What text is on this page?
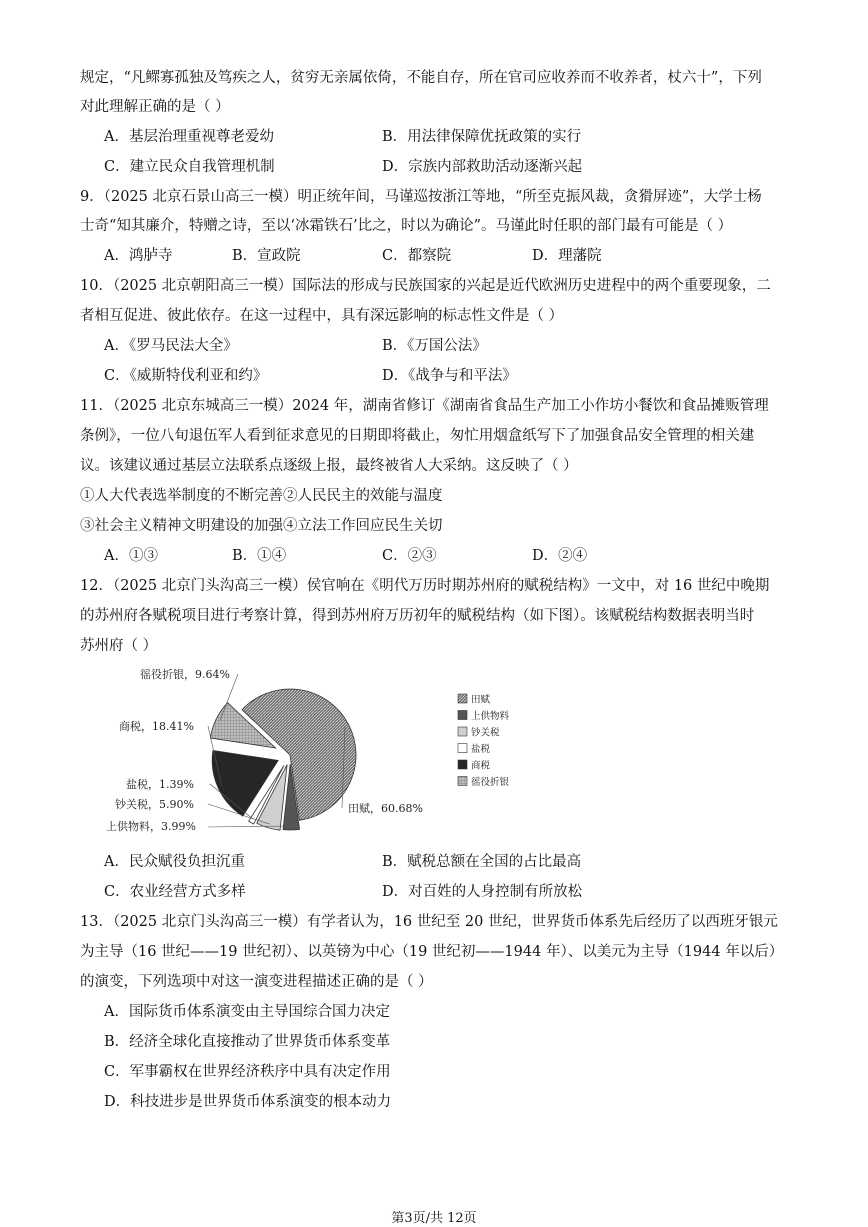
规定，“凡鳏寡孤独及笃疾之人，贫穷无亲属依倚，不能自存，所在官司应收养而不收养者，杖六十”，下列
对此理解正确的是（ ）
A．基层治理重视尊老爱幼	B．用法律保障优抚政策的实行
C．建立民众自我管理机制	D．宗族内部救助活动逐渐兴起
9．（2025 北京石景山高三一模）明正统年间，马谨巡按浙江等地，“所至克振风裁，贪猾屏迹”，大学士杨
士奇“知其廉介，特赠之诗，至以‘冰霜铁石’比之，时以为确论”。马谨此时任职的部门最有可能是（ ）
A．鸿胪寺	B．宣政院	C．都察院	D．理藩院
10．（2025 北京朝阳高三一模）国际法的形成与民族国家的兴起是近代欧洲历史进程中的两个重要现象，二
者相互促进、彼此依存。在这一过程中，具有深远影响的标志性文件是（ ）
A．《罗马民法大全》	B．《万国公法》
C．《威斯特伐利亚和约》	D．《战争与和平法》
11．（2025 北京东城高三一模）2024 年，湖南省修订《湖南省食品生产加工小作坊小餐饮和食品摊贩管理
条例》，一位八旬退伍军人看到征求意见的日期即将截止，匆忙用烟盒纸写下了加强食品安全管理的相关建
议。该建议通过基层立法联系点逐级上报，最终被省人大采纳。这反映了（ ）
①人大代表选举制度的不断完善②人民民主的效能与温度
③社会主义精神文明建设的加强④立法工作回应民生关切
A．①③	B．①④	C．②③	D．②④
12．（2025 北京门头沟高三一模）侯官响在《明代万历时期苏州府的赋税结构》一文中，对 16 世纪中晚期
的苏州府各赋税项目进行考察计算，得到苏州府万历初年的赋税结构（如下图）。该赋税结构数据表明当时
苏州府（ ）
田赋，60.68%
上供物料，3.99%
钞关税，5.90%
盐税，1.39%
商税，18.41%
徭役折银，9.64%
田赋
上供物料
钞关税
盐税
商税
徭役折银
A．民众赋役负担沉重	B．赋税总额在全国的占比最高
C．农业经营方式多样	D．对百姓的人身控制有所放松
13．（2025 北京门头沟高三一模）有学者认为，16 世纪至 20 世纪，世界货币体系先后经历了以西班牙银元
为主导（16 世纪——19 世纪初）、以英镑为中心（19 世纪初——1944 年）、以美元为主导（1944 年以后）
的演变，下列选项中对这一演变进程描述正确的是（ ）
A．国际货币体系演变由主导国综合国力决定
B．经济全球化直接推动了世界货币体系变革
C．军事霸权在世界经济秩序中具有决定作用
D．科技进步是世界货币体系演变的根本动力
第3页/共 12页
